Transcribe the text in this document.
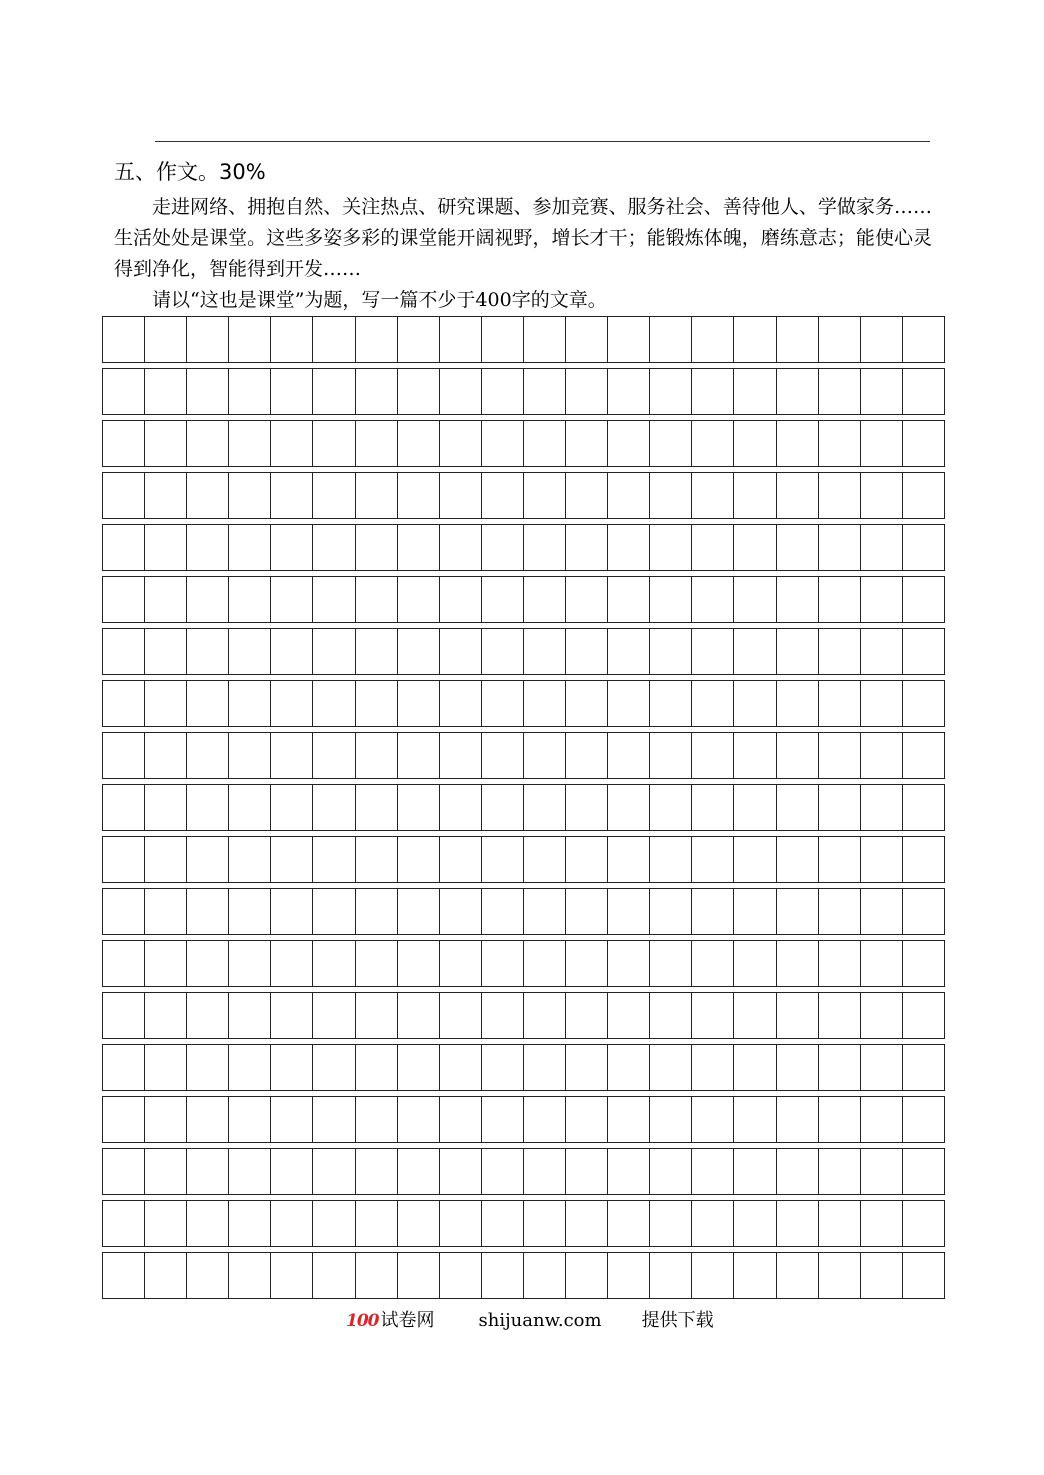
五、作文。30%

走进网络、拥抱自然、关注热点、研究课题、参加竞赛、服务社会、善待他人、学做家务……生活处处是课堂。这些多姿多彩的课堂能开阔视野，增长才干；能锻炼体魄，磨练意志；能使心灵得到净化，智能得到开发……

请以“这也是课堂”为题，写一篇不少于400字的文章。

100 试卷网 shijuanw.com 提供下载
